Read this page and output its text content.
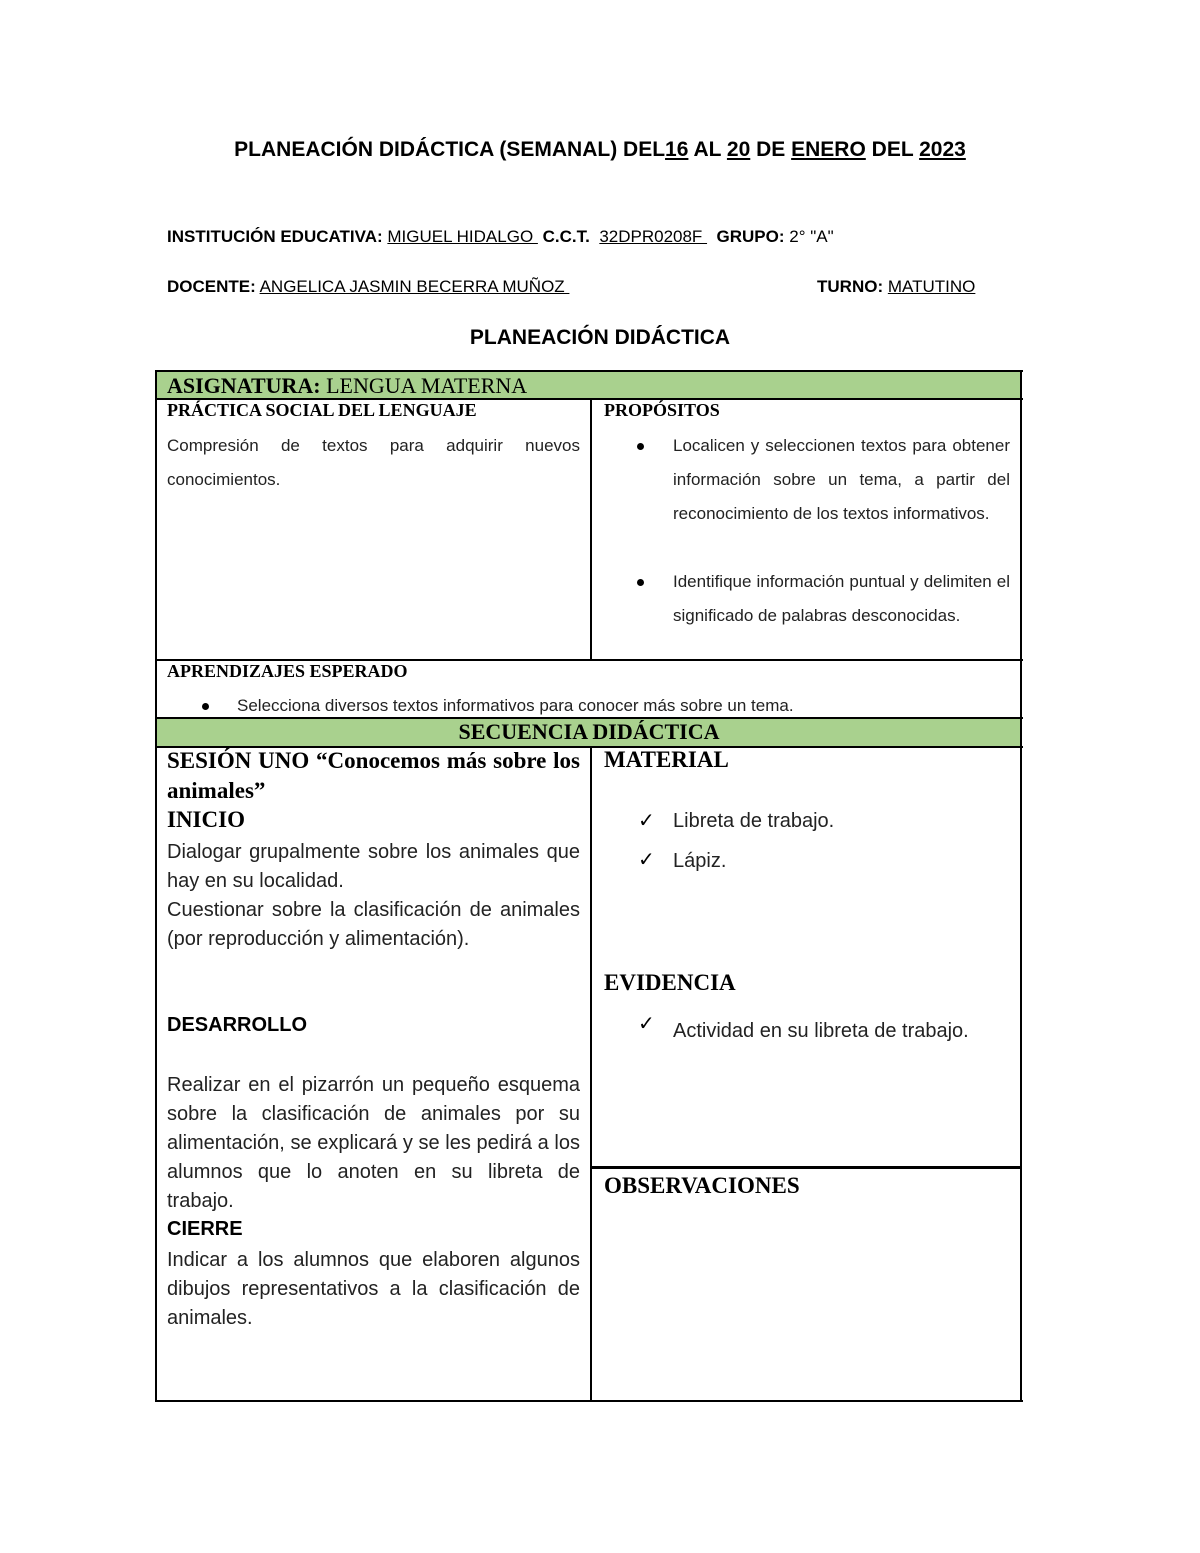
PLANEACIÓN DIDÁCTICA (SEMANAL) DEL16 AL 20 DE ENERO DEL 2023
INSTITUCIÓN EDUCATIVA: MIGUEL HIDALGO  C.C.T. 32DPR0208F   GRUPO: 2° "A"
DOCENTE: ANGELICA JASMIN BECERRA MUÑOZ	TURNO: MATUTINO
PLANEACIÓN DIDÁCTICA
ASIGNATURA: LENGUA MATERNA
PRÁCTICA SOCIAL DEL LENGUAJE
Compresión de textos para adquirir nuevos conocimientos.
PROPÓSITOS
Localicen y seleccionen textos para obtener información sobre un tema, a partir del reconocimiento de los textos informativos.
Identifique información puntual y delimiten el significado de palabras desconocidas.
APRENDIZAJES ESPERADO
Selecciona diversos textos informativos para conocer más sobre un tema.
SECUENCIA DIDÁCTICA
SESIÓN UNO “Conocemos más sobre los animales”
INICIO
Dialogar grupalmente sobre los animales que hay en su localidad.
Cuestionar sobre la clasificación de animales (por reproducción y alimentación).
DESARROLLO
Realizar en el pizarrón un pequeño esquema sobre la clasificación de animales por su alimentación, se explicará y se les pedirá a los alumnos que lo anoten en su libreta de trabajo.
CIERRE
Indicar a los alumnos que elaboren algunos dibujos representativos a la clasificación de animales.
MATERIAL
✓ Libreta de trabajo.
✓ Lápiz.
EVIDENCIA
✓ Actividad en su libreta de trabajo.
OBSERVACIONES
